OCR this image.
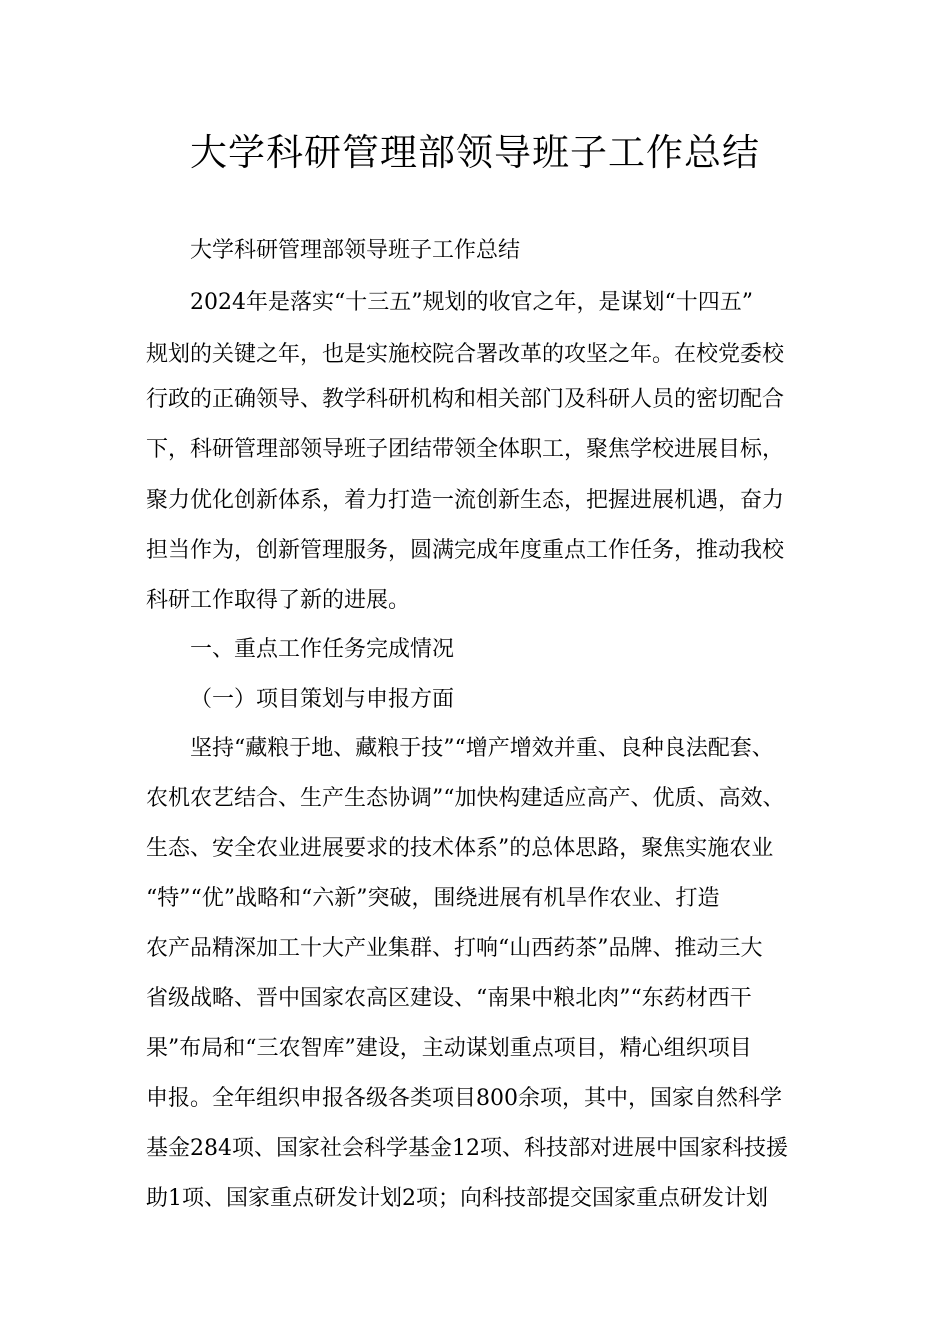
大学科研管理部领导班子工作总结
大学科研管理部领导班子工作总结
2024年是落实“十三五”规划的收官之年，是谋划“十四五”
规划的关键之年，也是实施校院合署改革的攻坚之年。在校党委校
行政的正确领导、教学科研机构和相关部门及科研人员的密切配合
下，科研管理部领导班子团结带领全体职工，聚焦学校进展目标，
聚力优化创新体系，着力打造一流创新生态，把握进展机遇，奋力
担当作为，创新管理服务，圆满完成年度重点工作任务，推动我校
科研工作取得了新的进展。
一、重点工作任务完成情况
（一）项目策划与申报方面
坚持“藏粮于地、藏粮于技”“增产增效并重、良种良法配套、
农机农艺结合、生产生态协调”“加快构建适应高产、优质、高效、
生态、安全农业进展要求的技术体系”的总体思路，聚焦实施农业
“特”“优”战略和“六新”突破，围绕进展有机旱作农业、打造
农产品精深加工十大产业集群、打响“山西药茶”品牌、推动三大
省级战略、晋中国家农高区建设、“南果中粮北肉”“东药材西干
果”布局和“三农智库”建设，主动谋划重点项目，精心组织项目
申报。全年组织申报各级各类项目800余项，其中，国家自然科学
基金284项、国家社会科学基金12项、科技部对进展中国家科技援
助1项、国家重点研发计划2项；向科技部提交国家重点研发计划
